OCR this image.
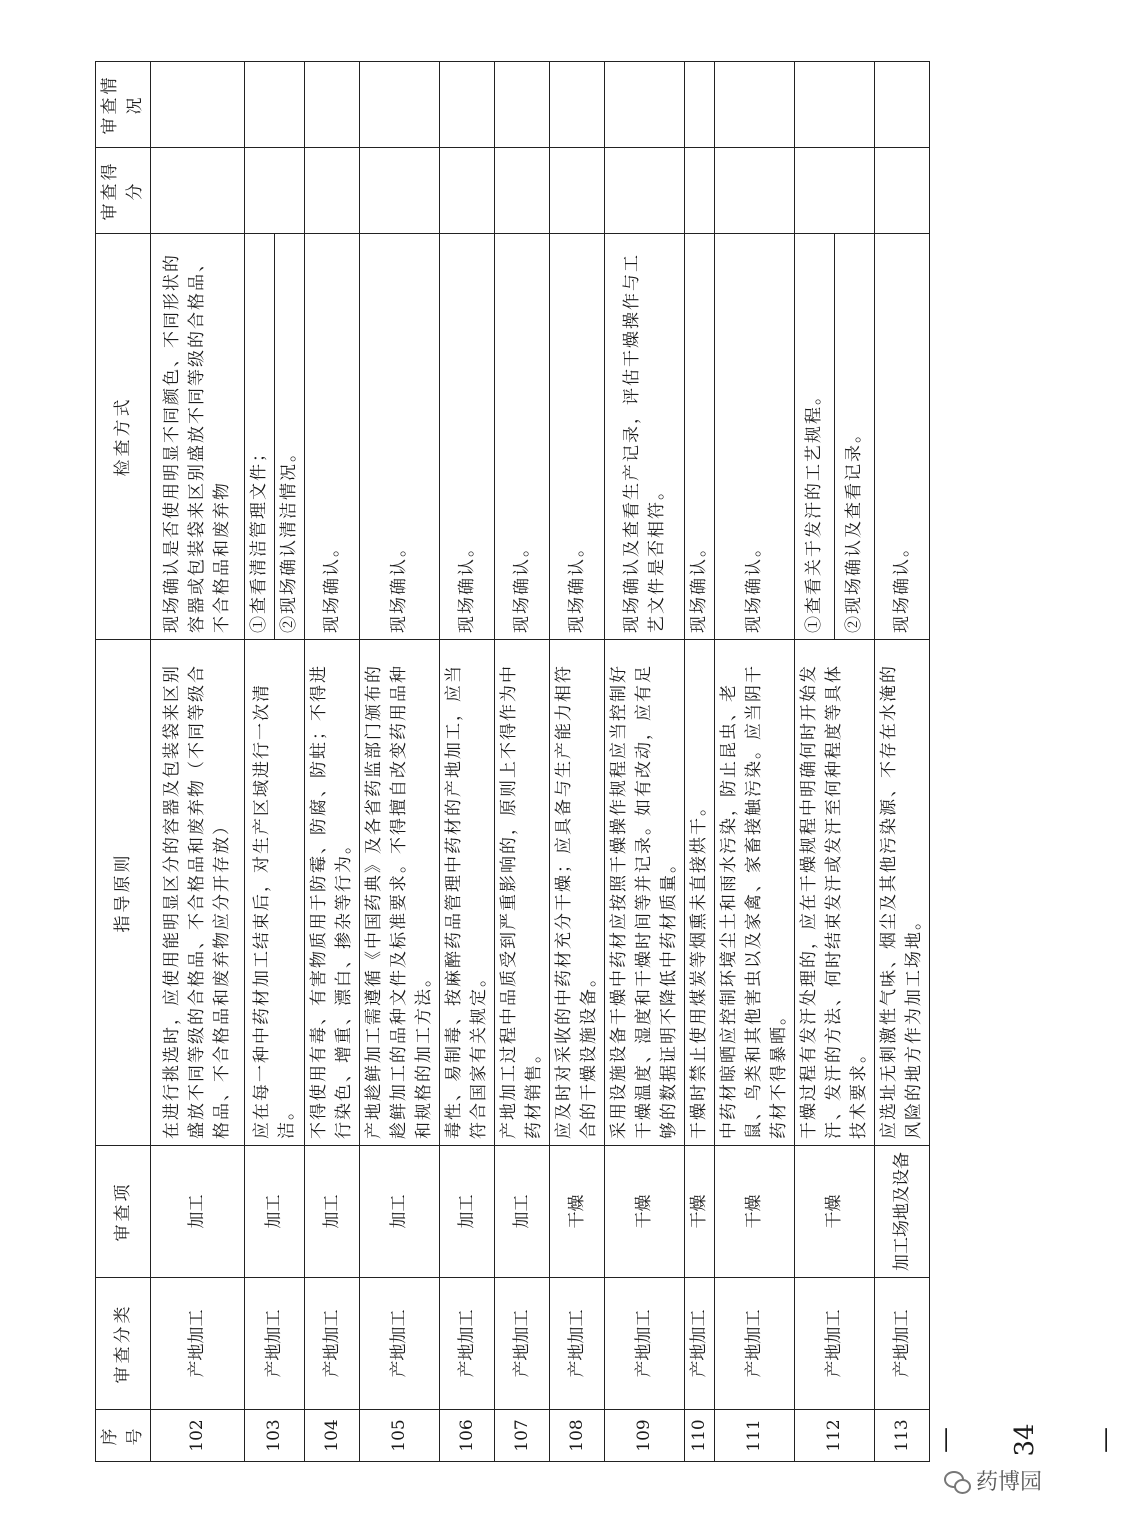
序号	审查分类	审查项	指导原则	检查方式	审查得分	审查情况
102	产地加工	加工	在进行挑选时，应使用能明显区分的容器及包装袋来区别盛放不同等级的合格品、不合格品和废弃物（不同等级合格品、不合格品和废弃物应分开存放）	现场确认是否使用明显不同颜色、不同形状的容器或包装袋来区别盛放不同等级的合格品、不合格品和废弃物		
103	产地加工	加工	应在每一种中药材加工结束后，对生产区域进行一次清洁。	①查看清洁管理文件； ②现场确认清洁情况。		

104	产地加工	加工	不得使用有毒、有害物质用于防霉、防腐、防蛀；不得进行染色、增重、漂白、掺杂等行为。	现场确认。		
105	产地加工	加工	产地趁鲜加工需遵循《中国药典》及各省药监部门颁布的趁鲜加工的品种文件及标准要求。不得擅自改变药用品种和规格的加工方法。	现场确认。		
106	产地加工	加工	毒性、易制毒、按麻醉药品管理中药材的产地加工，应当符合国家有关规定。	现场确认。		
107	产地加工	加工	产地加工过程中品质受到严重影响的，原则上不得作为中药材销售。	现场确认。		
108	产地加工	干燥	应及时对采收的中药材充分干燥；应具备与生产能力相符合的干燥设施设备。	现场确认。		
109	产地加工	干燥	采用设施设备干燥中药材应按照干燥操作规程应当控制好干燥温度、湿度和干燥时间等并记录。如有改动，应有足够的数据证明不降低中药材质量。	现场确认及查看生产记录，评估干燥操作与工艺文件是否相符。		
110	产地加工	干燥	干燥时禁止使用煤炭等烟熏未直接烘干。	现场确认。		
111	产地加工	干燥	中药材晾晒应控制环境尘土和雨水污染，防止昆虫、老鼠、鸟类和其他害虫以及家禽、家畜接触污染。应当阴干药材不得暴晒。	现场确认。		
112	产地加工	干燥	干燥过程有发汗处理的，应在干燥规程中明确何时开始发汗、发汗的方法、何时结束发汗或发汗至何种程度等具体技术要求。	①查看关于发汗的工艺规程。 ②现场确认及查看记录。		

113	产地加工	加工场地及设备	应选址无刺激性气味、烟尘及其他污染源、不存在水淹的风险的地方作为加工场地。	现场确认。		
— 34 —
药博园
